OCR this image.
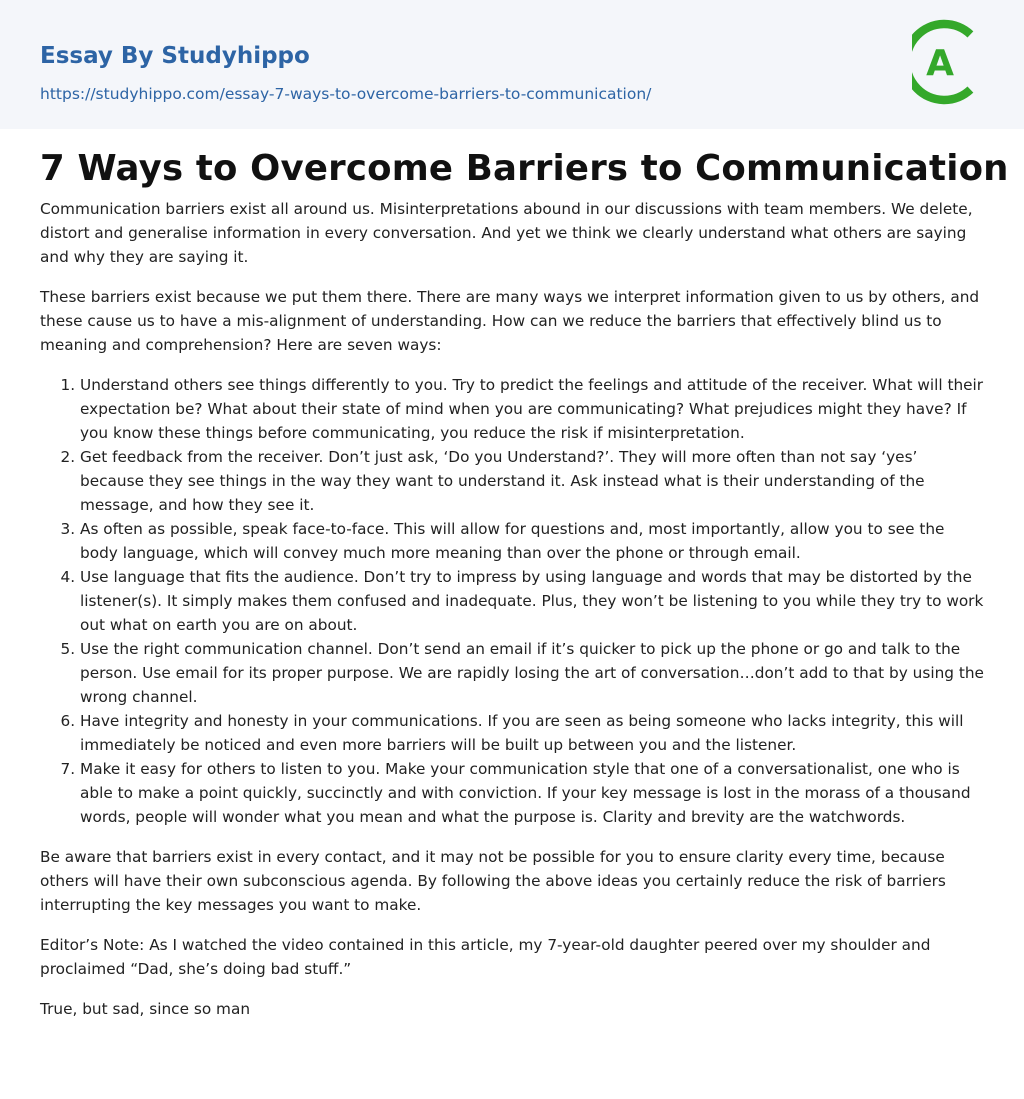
Essay By Studyhippo
https://studyhippo.com/essay-7-ways-to-overcome-barriers-to-communication/
A
7 Ways to Overcome Barriers to Communication

Communication barriers exist all around us. Misinterpretations abound in our discussions with team members. We delete, distort and generalise information in every conversation. And yet we think we clearly understand what others are saying and why they are saying it.

These barriers exist because we put them there. There are many ways we interpret information given to us by others, and these cause us to have a mis-alignment of understanding. How can we reduce the barriers that effectively blind us to meaning and comprehension? Here are seven ways:

1. Understand others see things differently to you. Try to predict the feelings and attitude of the receiver. What will their expectation be? What about their state of mind when you are communicating? What prejudices might they have? If you know these things before communicating, you reduce the risk if misinterpretation.
2. Get feedback from the receiver. Don’t just ask, ‘Do you Understand?’. They will more often than not say ‘yes’ because they see things in the way they want to understand it. Ask instead what is their understanding of the message, and how they see it.
3. As often as possible, speak face-to-face. This will allow for questions and, most importantly, allow you to see the body language, which will convey much more meaning than over the phone or through email.
4. Use language that fits the audience. Don’t try to impress by using language and words that may be distorted by the listener(s). It simply makes them confused and inadequate. Plus, they won’t be listening to you while they try to work out what on earth you are on about.
5. Use the right communication channel. Don’t send an email if it’s quicker to pick up the phone or go and talk to the person. Use email for its proper purpose. We are rapidly losing the art of conversation…don’t add to that by using the wrong channel.
6. Have integrity and honesty in your communications. If you are seen as being someone who lacks integrity, this will immediately be noticed and even more barriers will be built up between you and the listener.
7. Make it easy for others to listen to you. Make your communication style that one of a conversationalist, one who is able to make a point quickly, succinctly and with conviction. If your key message is lost in the morass of a thousand words, people will wonder what you mean and what the purpose is. Clarity and brevity are the watchwords.

Be aware that barriers exist in every contact, and it may not be possible for you to ensure clarity every time, because others will have their own subconscious agenda. By following the above ideas you certainly reduce the risk of barriers interrupting the key messages you want to make.

Editor’s Note: As I watched the video contained in this article, my 7-year-old daughter peered over my shoulder and proclaimed “Dad, she’s doing bad stuff.”

True, but sad, since so man
